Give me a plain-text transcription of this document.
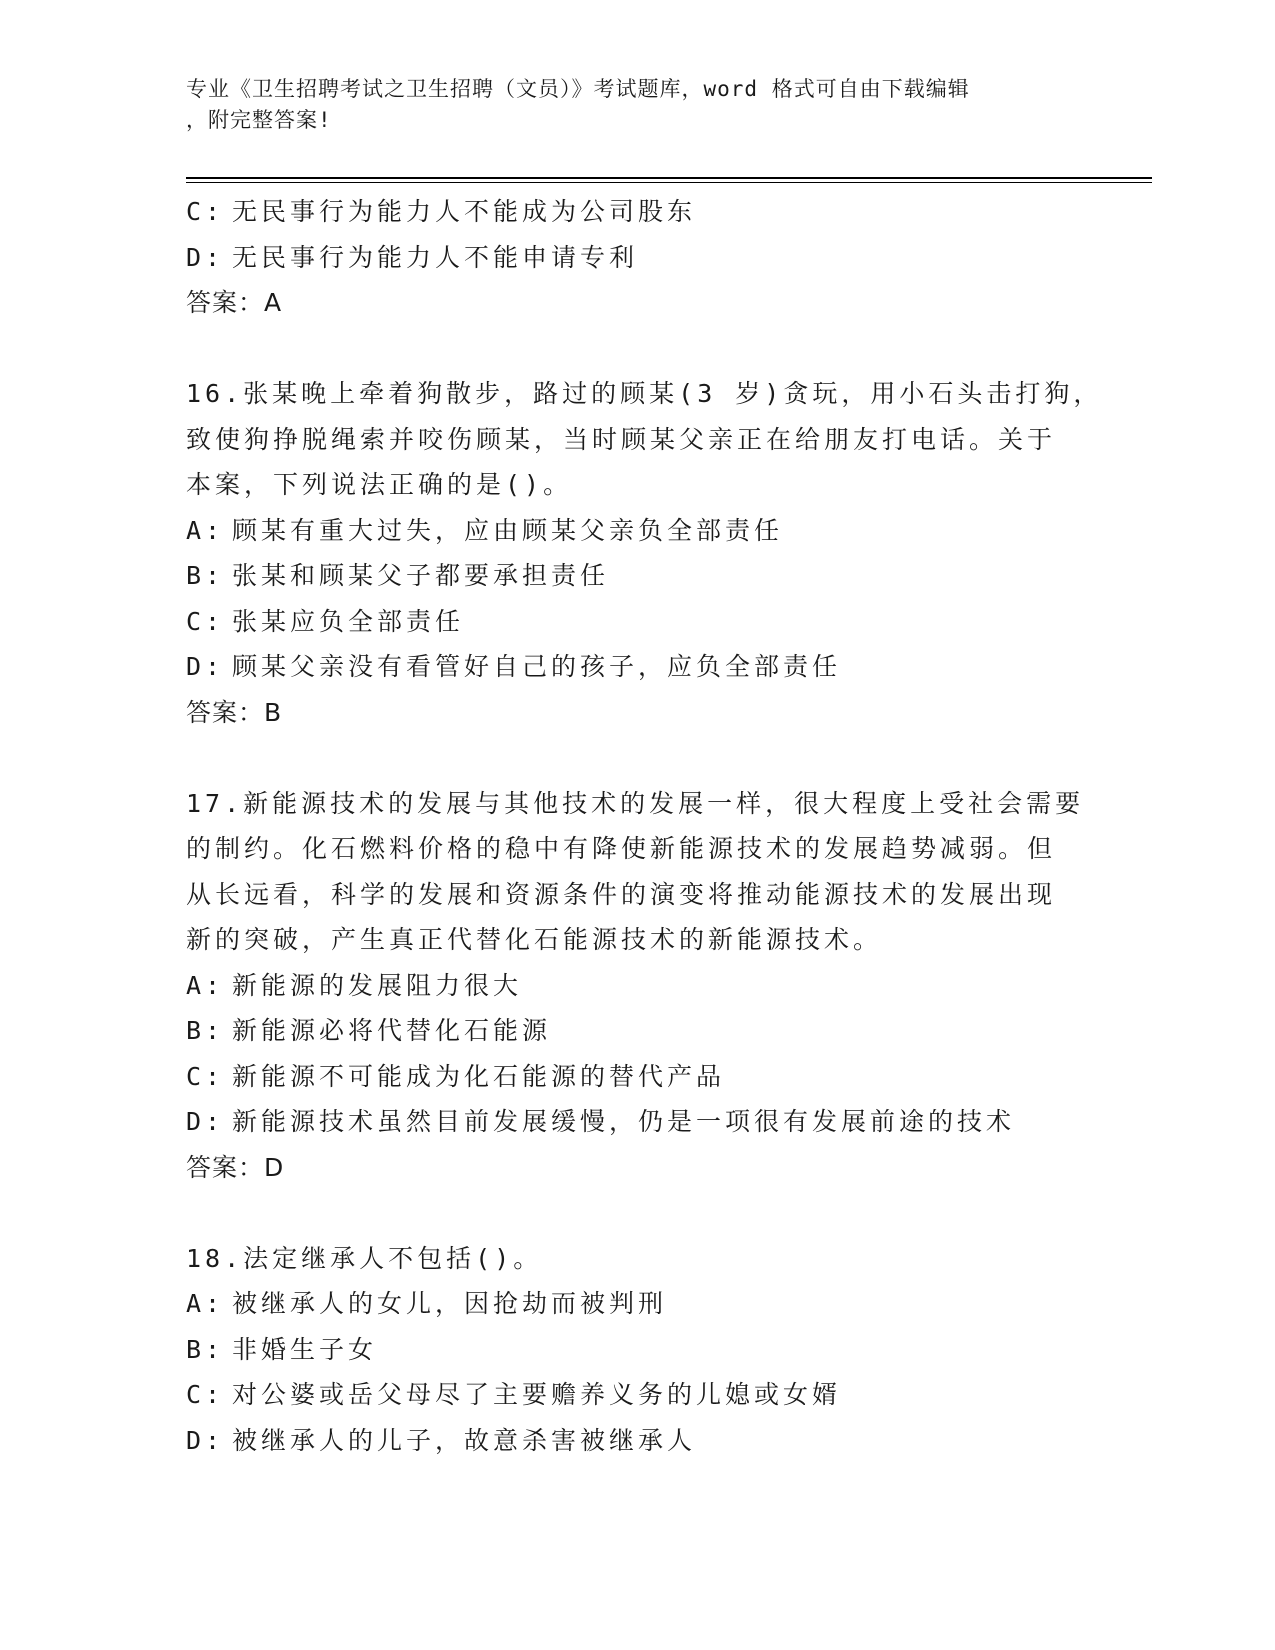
专业《卫生招聘考试之卫生招聘（文员）》考试题库，word 格式可自由下载编辑
，附完整答案!
C: 无民事行为能力人不能成为公司股东
D: 无民事行为能力人不能申请专利
答案：A
16.张某晚上牵着狗散步，路过的顾某(3 岁)贪玩，用小石头击打狗，
致使狗挣脱绳索并咬伤顾某，当时顾某父亲正在给朋友打电话。关于
本案，下列说法正确的是()。
A: 顾某有重大过失，应由顾某父亲负全部责任
B: 张某和顾某父子都要承担责任
C: 张某应负全部责任
D: 顾某父亲没有看管好自己的孩子，应负全部责任
答案：B
17.新能源技术的发展与其他技术的发展一样，很大程度上受社会需要
的制约。化石燃料价格的稳中有降使新能源技术的发展趋势减弱。但
从长远看，科学的发展和资源条件的演变将推动能源技术的发展出现
新的突破，产生真正代替化石能源技术的新能源技术。
A: 新能源的发展阻力很大
B: 新能源必将代替化石能源
C: 新能源不可能成为化石能源的替代产品
D: 新能源技术虽然目前发展缓慢，仍是一项很有发展前途的技术
答案：D
18.法定继承人不包括()。
A: 被继承人的女儿，因抢劫而被判刑
B: 非婚生子女
C: 对公婆或岳父母尽了主要赡养义务的儿媳或女婿
D: 被继承人的儿子，故意杀害被继承人
